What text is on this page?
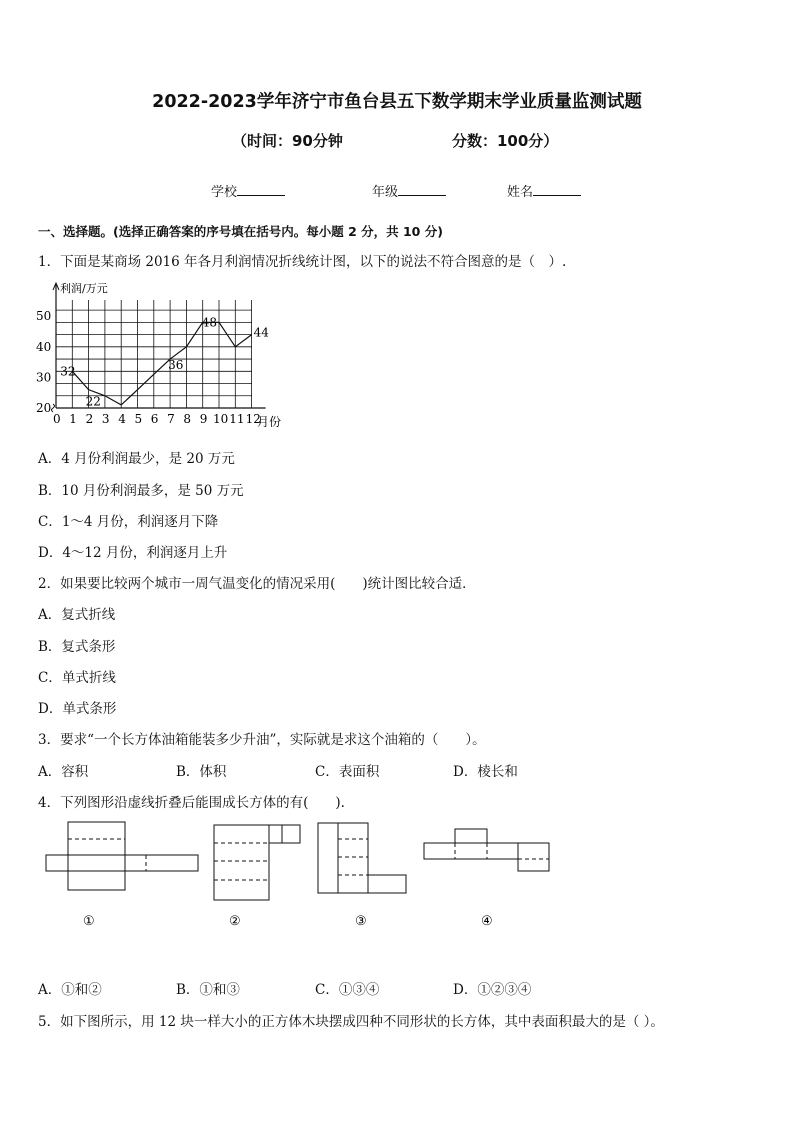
2022-2023学年济宁市鱼台县五下数学期末学业质量监测试题
（时间：90分钟	分数：100分）
学校	年级	姓名
一、选择题。(选择正确答案的序号填在括号内。每小题 2 分，共 10 分)
1．下面是某商场 2016 年各月利润情况折线统计图，以下的说法不符合图意的是（　）.
20
30
40
50
0 1 2 3 4 5 6 7 8 9 10 11 12
32
22
36
48
44
利润/万元
月份
A．4 月份利润最少，是 20 万元
B．10 月份利润最多，是 50 万元
C．1～4 月份，利润逐月下降
D．4～12 月份，利润逐月上升
2．如果要比较两个城市一周气温变化的情况采用(　　)统计图比较合适．
A．复式折线
B．复式条形
C．单式折线
D．单式条形
3．要求“一个长方体油箱能装多少升油”，实际就是求这个油箱的（　　）。
A．容积	B．体积	C．表面积	D．棱长和
4．下列图形沿虚线折叠后能围成长方体的有(　　).
①	②	③	④
A．①和②	B．①和③	C．①③④	D．①②③④
5．如下图所示，用 12 块一样大小的正方体木块摆成四种不同形状的长方体，其中表面积最大的是（ ）。
